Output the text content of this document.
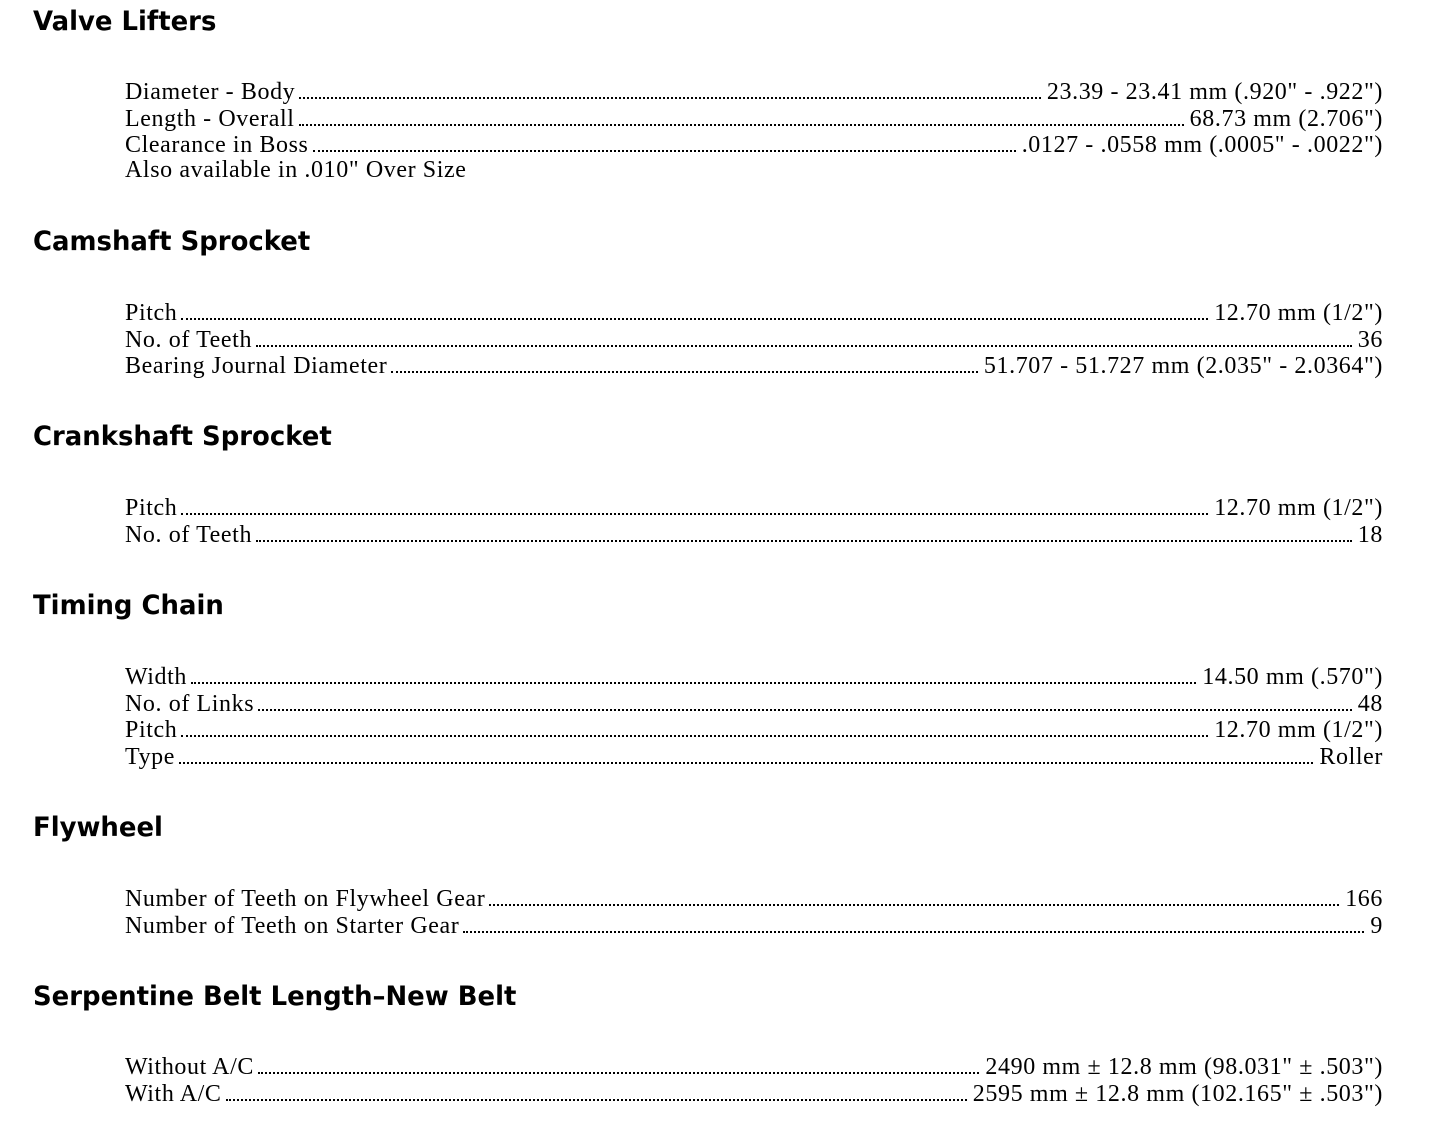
Valve Lifters
Diameter - Body	23.39 - 23.41 mm (.920" - .922")
Length - Overall	68.73 mm (2.706")
Clearance in Boss	.0127 - .0558 mm (.0005" - .0022")
Also available in .010" Over Size
Camshaft Sprocket
Pitch	12.70 mm (1/2")
No. of Teeth	36
Bearing Journal Diameter	51.707 - 51.727 mm (2.035" - 2.0364")
Crankshaft Sprocket
Pitch	12.70 mm (1/2")
No. of Teeth	18
Timing Chain
Width	14.50 mm (.570")
No. of Links	48
Pitch	12.70 mm (1/2")
Type	Roller
Flywheel
Number of Teeth on Flywheel Gear	166
Number of Teeth on Starter Gear	9
Serpentine Belt Length–New Belt
Without A/C	2490 mm ± 12.8 mm (98.031" ± .503")
With A/C	2595 mm ± 12.8 mm (102.165" ± .503")
